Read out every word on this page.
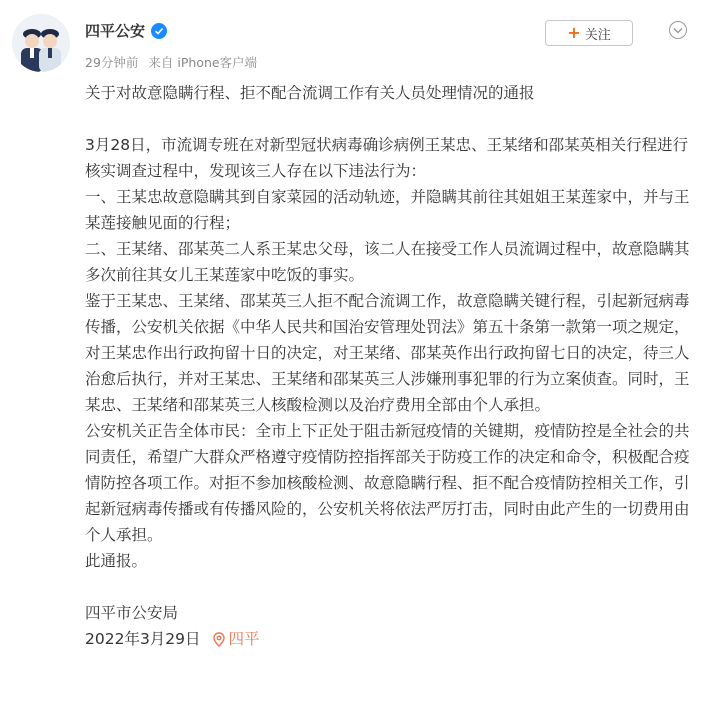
四平公安
29分钟前 来自 iPhone客户端
+ 关注

关于对故意隐瞒行程、拒不配合流调工作有关人员处理情况的通报

3月28日，市流调专班在对新型冠状病毒确诊病例王某忠、王某绪和邵某英相关行程进行核实调查过程中，发现该三人存在以下违法行为：

一、王某忠故意隐瞒其到自家菜园的活动轨迹，并隐瞒其前往其姐姐王某莲家中，并与王某莲接触见面的行程；

二、王某绪、邵某英二人系王某忠父母，该二人在接受工作人员流调过程中，故意隐瞒其多次前往其女儿王某莲家中吃饭的事实。

鉴于王某忠、王某绪、邵某英三人拒不配合流调工作，故意隐瞒关键行程，引起新冠病毒传播，公安机关依据《中华人民共和国治安管理处罚法》第五十条第一款第一项之规定，对王某忠作出行政拘留十日的决定，对王某绪、邵某英作出行政拘留七日的决定，待三人治愈后执行，并对王某忠、王某绪和邵某英三人涉嫌刑事犯罪的行为立案侦查。同时，王某忠、王某绪和邵某英三人核酸检测以及治疗费用全部由个人承担。

公安机关正告全体市民：全市上下正处于阻击新冠疫情的关键期，疫情防控是全社会的共同责任，希望广大群众严格遵守疫情防控指挥部关于防疫工作的决定和命令，积极配合疫情防控各项工作。对拒不参加核酸检测、故意隐瞒行程、拒不配合疫情防控相关工作，引起新冠病毒传播或有传播风险的，公安机关将依法严厉打击，同时由此产生的一切费用由个人承担。

此通报。

四平市公安局

2022年3月29日 四平
